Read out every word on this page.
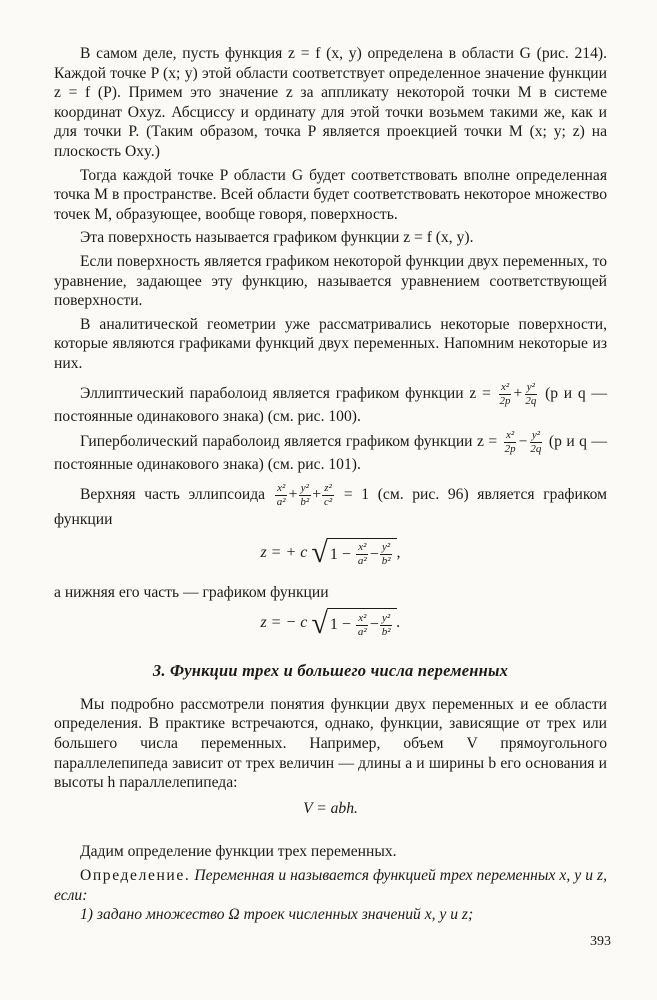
В самом деле, пусть функция z = f (x, y) определена в области G (рис. 214). Каждой точке P (x; y) этой области соответствует определенное значение функции z = f (P). Примем это значение z за аппликату некоторой точки M в системе координат Oxyz. Абсциссу и ординату для этой точки возьмем такими же, как и для точки P. (Таким образом, точка P является проекцией точки M (x; y; z) на плоскость Oxy.)

Тогда каждой точке P области G будет соответствовать вполне определенная точка M в пространстве. Всей области будет соответствовать некоторое множество точек M, образующее, вообще говоря, поверхность.

Эта поверхность называется графиком функции z = f (x, y).

Если поверхность является графиком некоторой функции двух переменных, то уравнение, задающее эту функцию, называется уравнением соответствующей поверхности.

В аналитической геометрии уже рассматривались некоторые поверхности, которые являются графиками функций двух переменных. Напомним некоторые из них.

Эллиптический параболоид является графиком функции $z = \frac{\text{x²}}{2p} + \frac{\text{y²}}{2q} (p$ и q — постоянные одинакового знака) (см. рис. 100).

Гиперболический параболоид является графиком функции $z = \frac{\text{x²}}{2p} - \frac{\text{y²}}{2q} (p$ и q — постоянные одинакового знака) (см. рис. 101).

Верхняя часть эллипсоида $\frac{\text{x²}}{\text{a²}} + \frac{\text{y²}}{\text{b²}} + \frac{\text{z²}}{\text{c²}} = 1$ (см. рис. 96) является графиком функции

z = + c √ 1 −
$\frac{\text{x²}}{\text{a²}} - \frac{\text{y²}}{\text{b²}}$ ,

а нижняя его часть — графиком функции

z = − c √ 1 −
$\frac{\text{x²}}{\text{a²}} - \frac{\text{y²}}{\text{b²}}$ .
3. Функции трех и большего числа переменных

Мы подробно рассмотрели понятия функции двух переменных и ее области определения. В практике встречаются, однако, функции, зависящие от трех или большего числа переменных. Например, объем V прямоугольного параллелепипеда зависит от трех величин — длины a и ширины b его основания и высоты h параллелепипеда:

V = abh.

Дадим определение функции трех переменных.

Определение. Переменная u называется функцией трех переменных x, y и z, если:

1) задано множество Ω троек численных значений x, y и z;

393
